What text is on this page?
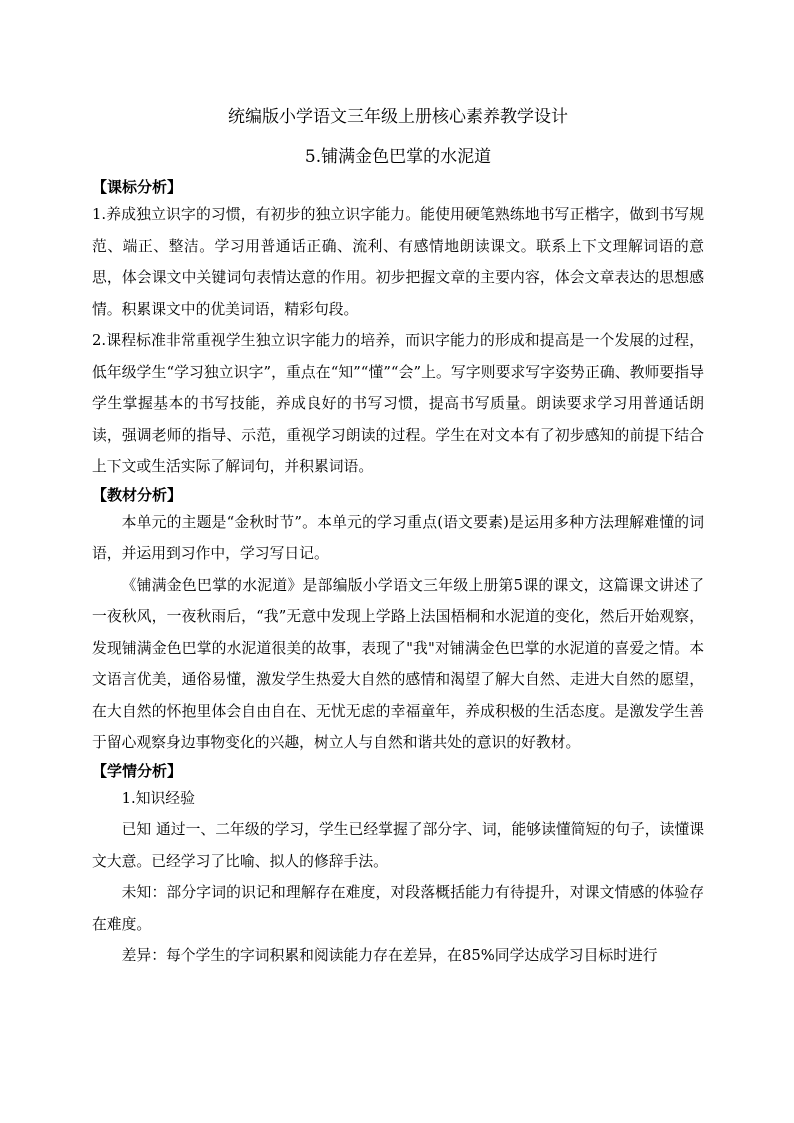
统编版小学语文三年级上册核心素养教学设计
5.铺满金色巴掌的水泥道
【课标分析】

1.养成独立识字的习惯，有初步的独立识字能力。能使用硬笔熟练地书写正楷字，做到书写规范、端正、整洁。学习用普通话正确、流利、有感情地朗读课文。联系上下文理解词语的意思，体会课文中关键词句表情达意的作用。初步把握文章的主要内容，体会文章表达的思想感情。积累课文中的优美词语，精彩句段。

2.课程标准非常重视学生独立识字能力的培养，而识字能力的形成和提高是一个发展的过程，低年级学生“学习独立识字”，重点在“知”“懂”“会”上。写字则要求写字姿势正确、教师要指导学生掌握基本的书写技能，养成良好的书写习惯，提高书写质量。朗读要求学习用普通话朗读，强调老师的指导、示范，重视学习朗读的过程。学生在对文本有了初步感知的前提下结合上下文或生活实际了解词句，并积累词语。

【教材分析】

本单元的主题是“金秋时节”。本单元的学习重点(语文要素)是运用多种方法理解难懂的词语，并运用到习作中，学习写日记。

《铺满金色巴掌的水泥道》是部编版小学语文三年级上册第5课的课文，这篇课文讲述了一夜秋风，一夜秋雨后，“我”无意中发现上学路上法国梧桐和水泥道的变化，然后开始观察，发现铺满金色巴掌的水泥道很美的故事，表现了"我"对铺满金色巴掌的水泥道的喜爱之情。本文语言优美，通俗易懂，激发学生热爱大自然的感情和渴望了解大自然、走进大自然的愿望，在大自然的怀抱里体会自由自在、无忧无虑的幸福童年，养成积极的生活态度。是激发学生善于留心观察身边事物变化的兴趣，树立人与自然和谐共处的意识的好教材。

【学情分析】

1.知识经验

已知 通过一、二年级的学习，学生已经掌握了部分字、词，能够读懂简短的句子，读懂课文大意。已经学习了比喻、拟人的修辞手法。

未知：部分字词的识记和理解存在难度，对段落概括能力有待提升，对课文情感的体验存在难度。

差异：每个学生的字词积累和阅读能力存在差异，在85%同学达成学习目标时进行
